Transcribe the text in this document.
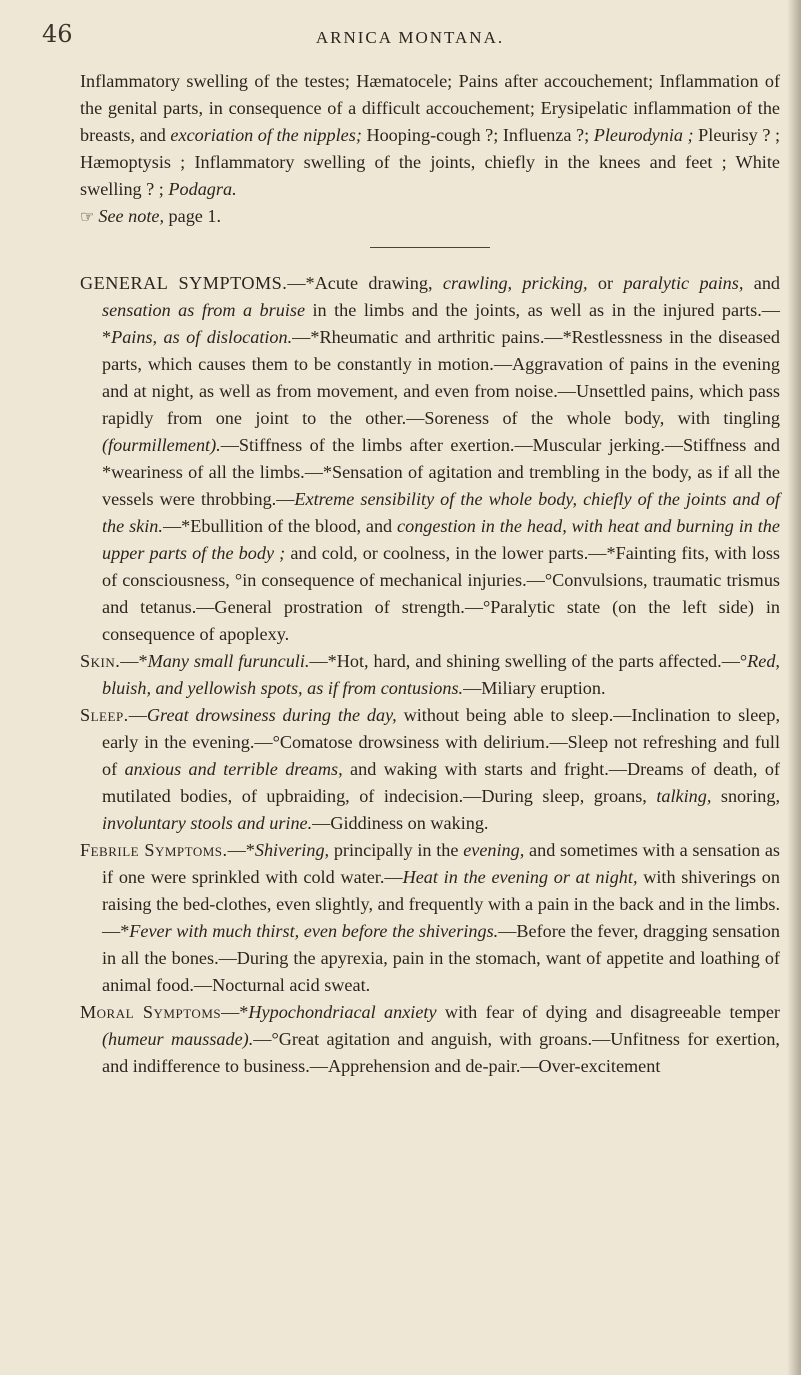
46	ARNICA MONTANA.

Inflammatory swelling of the testes; Hæmatocele; Pains after accouchement; Inflammation of the genital parts, in consequence of a difficult accouchement; Erysipelatic inflammation of the breasts, and excoriation of the nipples; Hooping-cough ?; Influenza ?; Pleurodynia ; Pleurisy ? ; Hæmoptysis ; Inflammatory swelling of the joints, chiefly in the knees and feet ; White swelling ? ; Podagra.
☞ See note, page 1.

GENERAL SYMPTOMS.—*Acute drawing, crawling, pricking, or paralytic pains, and sensation as from a bruise in the limbs and the joints, as well as in the injured parts.—*Pains, as of dislocation.—*Rheumatic and arthritic pains.—*Restlessness in the diseased parts, which causes them to be constantly in motion.—Aggravation of pains in the evening and at night, as well as from movement, and even from noise.—Unsettled pains, which pass rapidly from one joint to the other.—Soreness of the whole body, with tingling (fourmillement).—Stiffness of the limbs after exertion.—Muscular jerking.—Stiffness and *weariness of all the limbs.—*Sensation of agitation and trembling in the body, as if all the vessels were throbbing.—Extreme sensibility of the whole body, chiefly of the joints and of the skin.—*Ebullition of the blood, and congestion in the head, with heat and burning in the upper parts of the body ; and cold, or coolness, in the lower parts.—*Fainting fits, with loss of consciousness, °in consequence of mechanical injuries.—°Convulsions, traumatic trismus and tetanus.—General prostration of strength.—°Paralytic state (on the left side) in consequence of apoplexy.

Skin.—*Many small furunculi.—*Hot, hard, and shining swelling of the parts affected.—°Red, bluish, and yellowish spots, as if from contusions.—Miliary eruption.

Sleep.—Great drowsiness during the day, without being able to sleep.—Inclination to sleep, early in the evening.—°Comatose drowsiness with delirium.—Sleep not refreshing and full of anxious and terrible dreams, and waking with starts and fright.—Dreams of death, of mutilated bodies, of upbraiding, of indecision.—During sleep, groans, talking, snoring, involuntary stools and urine.—Giddiness on waking.

Febrile Symptoms.—*Shivering, principally in the evening, and sometimes with a sensation as if one were sprinkled with cold water.—Heat in the evening or at night, with shiverings on raising the bed-clothes, even slightly, and frequently with a pain in the back and in the limbs.—*Fever with much thirst, even before the shiverings.—Before the fever, dragging sensation in all the bones.—During the apyrexia, pain in the stomach, want of appetite and loathing of animal food.—Nocturnal acid sweat.

Moral Symptoms—*Hypochondriacal anxiety with fear of dying and disagreeable temper (humeur maussade).—°Great agitation and anguish, with groans.—Unfitness for exertion, and indifference to business.—Apprehension and de-pair.—Over-excitement
